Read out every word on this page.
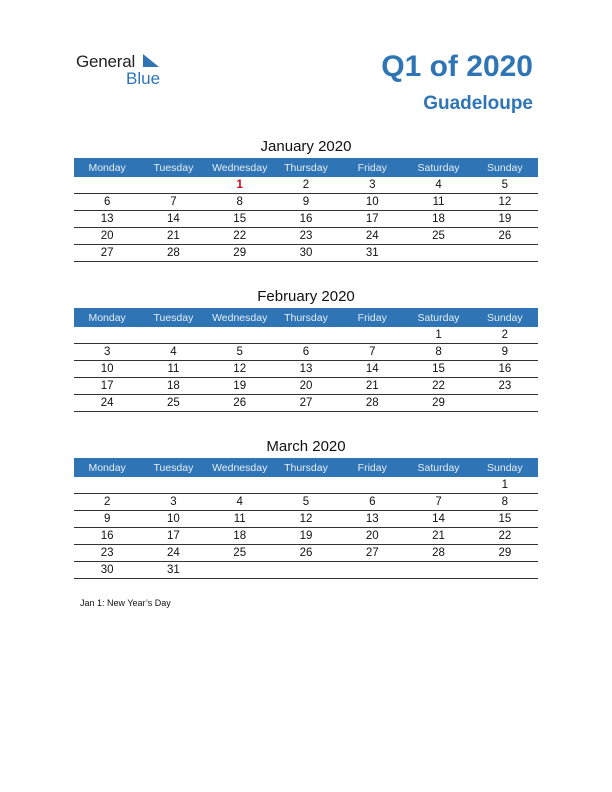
General
Blue	Q1 of 2020
Guadeloupe
January 2020
Monday	Tuesday	Wednesday	Thursday	Friday	Saturday	Sunday
		1	2	3	4	5
6	7	8	9	10	11	12
13	14	15	16	17	18	19
20	21	22	23	24	25	26
27	28	29	30	31		
February 2020
Monday	Tuesday	Wednesday	Thursday	Friday	Saturday	Sunday
					1	2
3	4	5	6	7	8	9
10	11	12	13	14	15	16
17	18	19	20	21	22	23
24	25	26	27	28	29	
March 2020
Monday	Tuesday	Wednesday	Thursday	Friday	Saturday	Sunday
						1
2	3	4	5	6	7	8
9	10	11	12	13	14	15
16	17	18	19	20	21	22
23	24	25	26	27	28	29
30	31					
Jan 1: New Year’s Day
